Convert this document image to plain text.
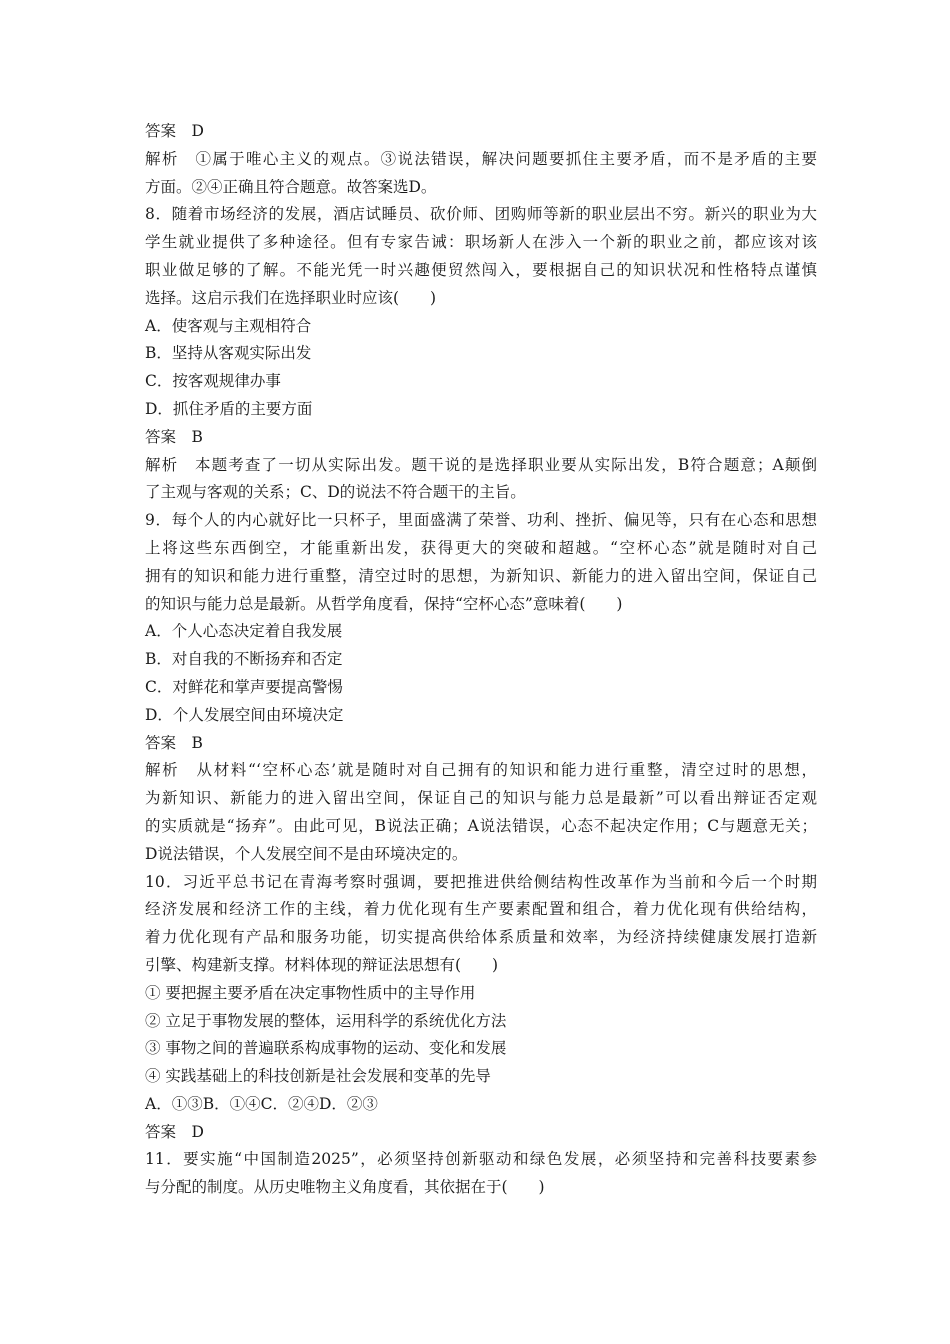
答案　D
解析　①属于唯心主义的观点。③说法错误，解决问题要抓住主要矛盾，而不是矛盾的主要
方面。②④正确且符合题意。故答案选D。
8．随着市场经济的发展，酒店试睡员、砍价师、团购师等新的职业层出不穷。新兴的职业为大
学生就业提供了多种途径。但有专家告诫：职场新人在涉入一个新的职业之前，都应该对该
职业做足够的了解。不能光凭一时兴趣便贸然闯入，要根据自己的知识状况和性格特点谨慎
选择。这启示我们在选择职业时应该(　　)
A．使客观与主观相符合
B．坚持从客观实际出发
C．按客观规律办事
D．抓住矛盾的主要方面
答案　B
解析　本题考查了一切从实际出发。题干说的是选择职业要从实际出发，B符合题意；A颠倒
了主观与客观的关系；C、D的说法不符合题干的主旨。
9．每个人的内心就好比一只杯子，里面盛满了荣誉、功利、挫折、偏见等，只有在心态和思想
上将这些东西倒空，才能重新出发，获得更大的突破和超越。“空杯心态”就是随时对自己
拥有的知识和能力进行重整，清空过时的思想，为新知识、新能力的进入留出空间，保证自己
的知识与能力总是最新。从哲学角度看，保持“空杯心态”意味着(　　)
A．个人心态决定着自我发展
B．对自我的不断扬弃和否定
C．对鲜花和掌声要提高警惕
D．个人发展空间由环境决定
答案　B
解析　从材料“‘空杯心态’就是随时对自己拥有的知识和能力进行重整，清空过时的思想，
为新知识、新能力的进入留出空间，保证自己的知识与能力总是最新”可以看出辩证否定观
的实质就是“扬弃”。由此可见，B说法正确；A说法错误，心态不起决定作用；C与题意无关；
D说法错误，个人发展空间不是由环境决定的。
10．习近平总书记在青海考察时强调，要把推进供给侧结构性改革作为当前和今后一个时期
经济发展和经济工作的主线，着力优化现有生产要素配置和组合，着力优化现有供给结构，
着力优化现有产品和服务功能，切实提高供给体系质量和效率，为经济持续健康发展打造新
引擎、构建新支撑。材料体现的辩证法思想有(　　)
① 要把握主要矛盾在决定事物性质中的主导作用
② 立足于事物发展的整体，运用科学的系统优化方法
③ 事物之间的普遍联系构成事物的运动、变化和发展
④ 实践基础上的科技创新是社会发展和变革的先导
A．①③B．①④C．②④D．②③
答案　D
11．要实施“中国制造2025”，必须坚持创新驱动和绿色发展，必须坚持和完善科技要素参
与分配的制度。从历史唯物主义角度看，其依据在于(　　)
